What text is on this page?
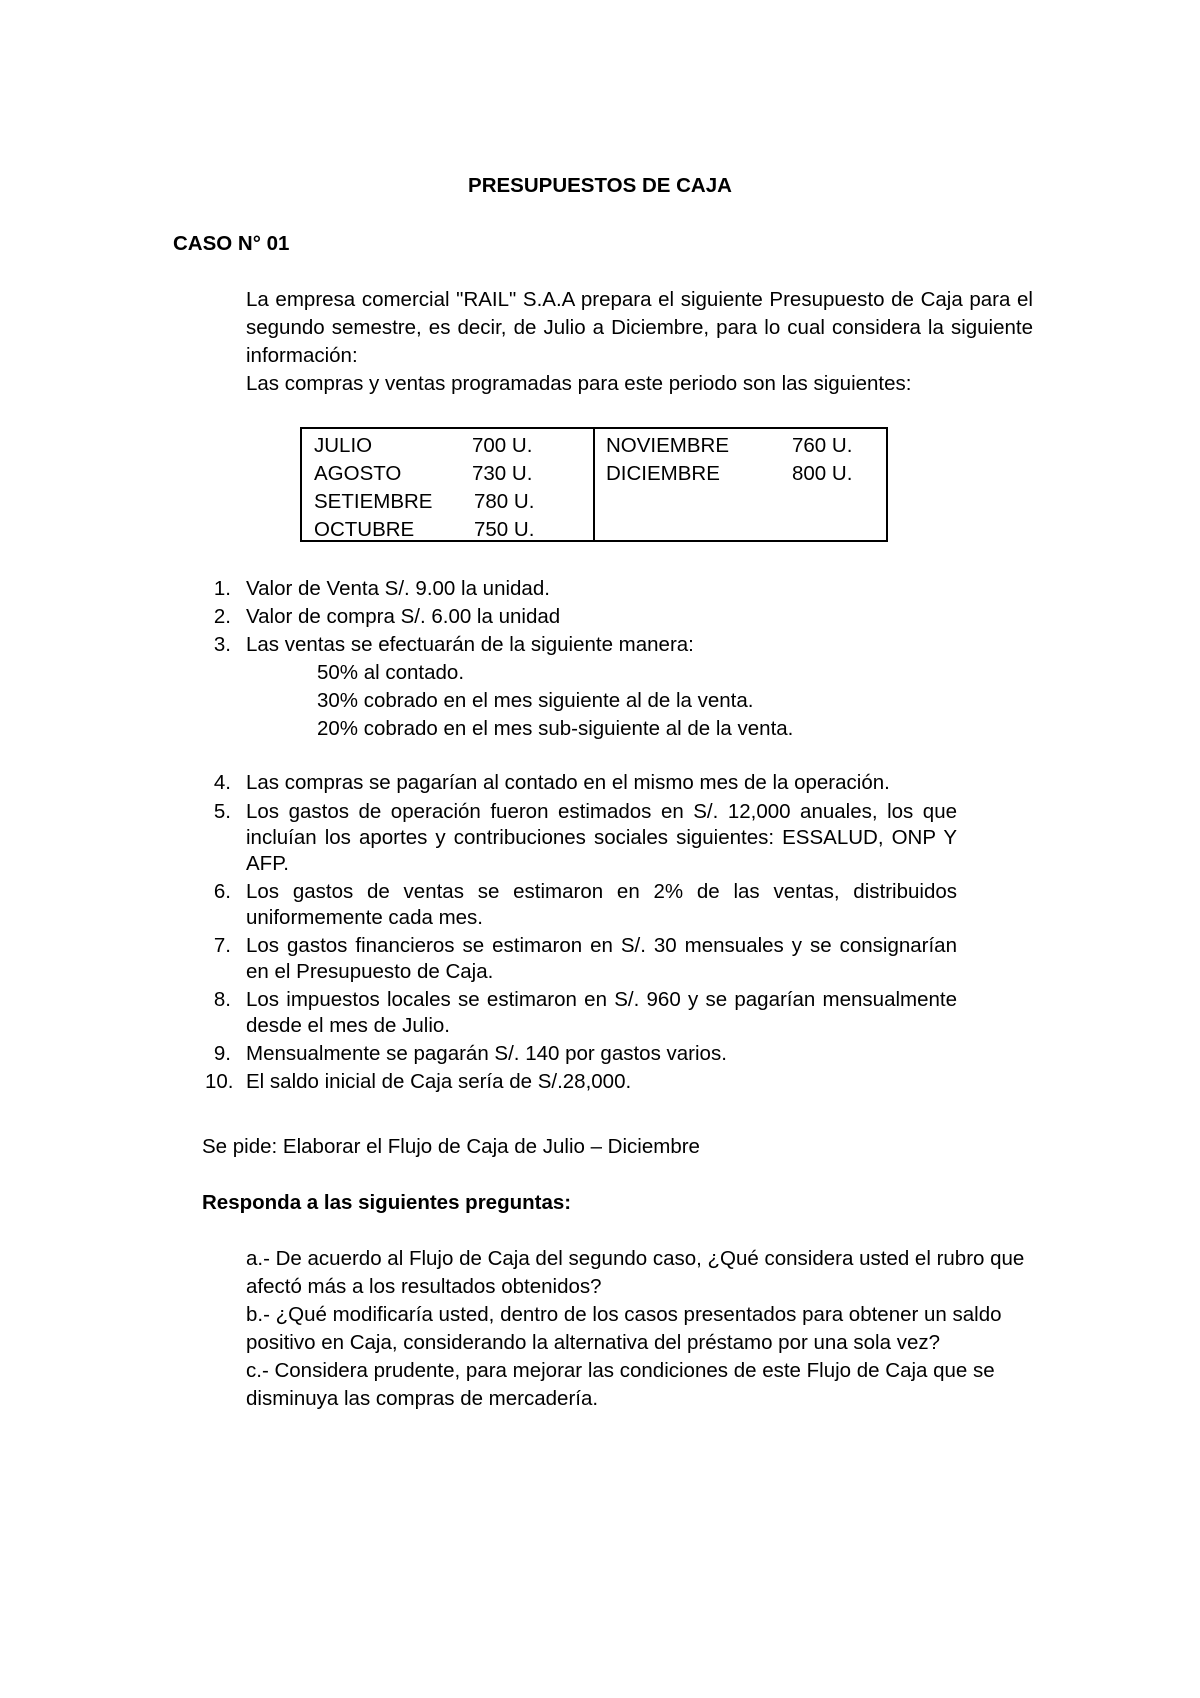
PRESUPUESTOS DE CAJA
CASO N° 01

La empresa comercial "RAIL" S.A.A prepara el siguiente Presupuesto de Caja para el segundo semestre, es decir, de Julio a Diciembre, para lo cual considera la siguiente información:

Las compras y ventas programadas para este periodo son las siguientes:

JULIO	700 U.
AGOSTO	730 U.
SETIEMBRE 780 U.
OCTUBRE	750 U.
NOVIEMBRE	760 U.
DICIEMBRE	800 U.
1. Valor de Venta S/. 9.00 la unidad.
2. Valor de compra S/. 6.00 la unidad
3. Las ventas se efectuarán de la siguiente manera:
50% al contado.
30% cobrado en el mes siguiente al de la venta.
20% cobrado en el mes sub-siguiente al de la venta.
4. Las compras se pagarían al contado en el mismo mes de la operación.
5. Los gastos de operación fueron estimados en S/. 12,000 anuales, los que incluían los aportes y contribuciones sociales siguientes: ESSALUD, ONP Y AFP.
6. Los gastos de ventas se estimaron en 2% de las ventas, distribuidos uniformemente cada mes.
7. Los gastos financieros se estimaron en S/. 30 mensuales y se consignarían en el Presupuesto de Caja.
8. Los impuestos locales se estimaron en S/. 960 y se pagarían mensualmente desde el mes de Julio.
9. Mensualmente se pagarán S/. 140 por gastos varios.
10. El saldo inicial de Caja sería de S/.28,000.
Se pide: Elaborar el Flujo de Caja de Julio – Diciembre
Responda a las siguientes preguntas:

a.- De acuerdo al Flujo de Caja del segundo caso, ¿Qué considera usted el rubro que afectó más a los resultados obtenidos?

b.- ¿Qué modificaría usted, dentro de los casos presentados para obtener un saldo positivo en Caja, considerando la alternativa del préstamo por una sola vez?

c.- Considera prudente, para mejorar las condiciones de este Flujo de Caja que se disminuya las compras de mercadería.
